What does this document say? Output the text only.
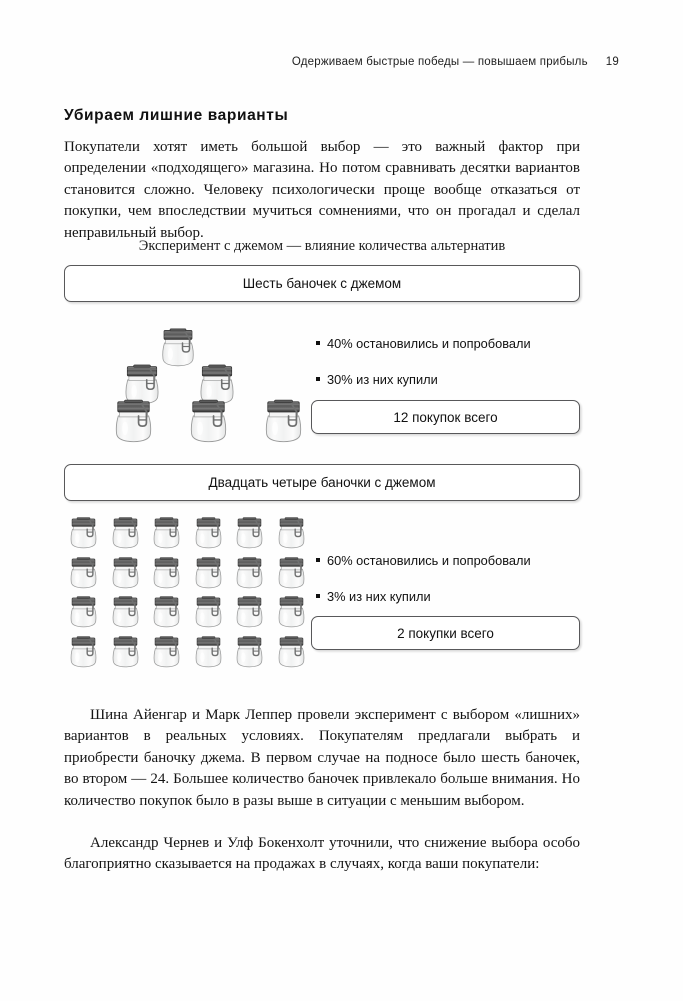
Одерживаем быстрые победы — повышаем прибыль 19
Убираем лишние варианты

Покупатели хотят иметь большой выбор — это важный фактор при определении «подходящего» магазина. Но потом сравнивать десятки вариантов становится сложно. Человеку психологически проще вообще отказаться от покупки, чем впоследствии мучиться сомнениями, что он прогадал и сделал неправильный выбор.

Эксперимент с джемом — влияние количества альтернатив
Шесть баночек с джемом
40% остановились и попробовали
30% из них купили
12 покупок всего
Двадцать четыре баночки с джемом
60% остановились и попробовали
3% из них купили
2 покупки всего

Шина Айенгар и Марк Леппер провели эксперимент с выбором «лишних» вариантов в реальных условиях. Покупателям предлагали выбрать и приобрести баночку джема. В первом случае на подносе было шесть баночек, во втором — 24. Большее количество баночек привлекало больше внимания. Но количество покупок было в разы выше в ситуации с меньшим выбором.

Александр Чернев и Улф Бокенхолт уточнили, что снижение выбора особо благоприятно сказывается на продажах в случаях, когда ваши покупатели:
